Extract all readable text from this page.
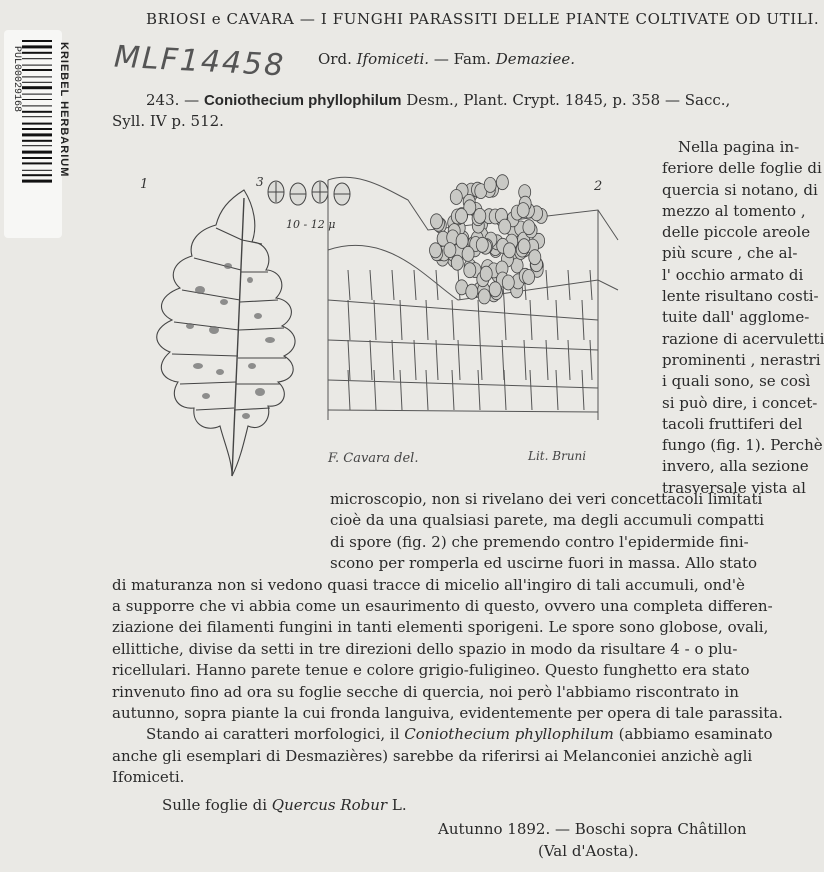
PUL00029168	KRIEBEL HERBARIUM MLF14458
BRIOSI e CAVARA — I FUNGHI PARASSITI DELLE PIANTE COLTIVATE OD UTILI.
Ord. Ifomiceti. — Fam. Demaziee.
243. — Coniothecium phyllophilum Desm., Plant. Crypt. 1845, p. 358 — Sacc.,
Syll. IV p. 512.
Nella pagina in-
feriore delle foglie di
quercia si notano, di
mezzo al tomento ,
delle piccole areole
più scure , che al-
l' occhio armato di
lente risultano costi-
tuite dall' agglome-
razione di acervuletti
prominenti , nerastri
i quali sono, se così
si può dire, i concet-
tacoli fruttiferi del
fungo (fig. 1). Perchè
invero, alla sezione
trasversale vista al
1	3
10 - 12 μ
2
F. Cavara del.	Lit. Bruni
microscopio, non si rivelano dei veri concettacoli limitati
cioè da una qualsiasi parete, ma degli accumuli compatti
di spore (fig. 2) che premendo contro l'epidermide fini-
scono per romperla ed uscirne fuori in massa. Allo stato
di maturanza non si vedono quasi tracce di micelio all'ingiro di tali accumuli, ond'è
a supporre che vi abbia come un esaurimento di questo, ovvero una completa differen-
ziazione dei filamenti fungini in tanti elementi sporigeni. Le spore sono globose, ovali,
ellittiche, divise da setti in tre direzioni dello spazio in modo da risultare 4 - o plu-
ricellulari. Hanno parete tenue e colore grigio-fuligineo. Questo funghetto era stato
rinvenuto fino ad ora su foglie secche di quercia, noi però l'abbiamo riscontrato in
autunno, sopra piante la cui fronda languiva, evidentemente per opera di tale parassita.
Stando ai caratteri morfologici, il Coniothecium phyllophilum (abbiamo esaminato
anche gli esemplari di Desmazières) sarebbe da riferirsi ai Melanconiei anzichè agli
Ifomiceti.
Sulle foglie di Quercus Robur L.
Autunno 1892. — Boschi sopra Châtillon
(Val d'Aosta).
